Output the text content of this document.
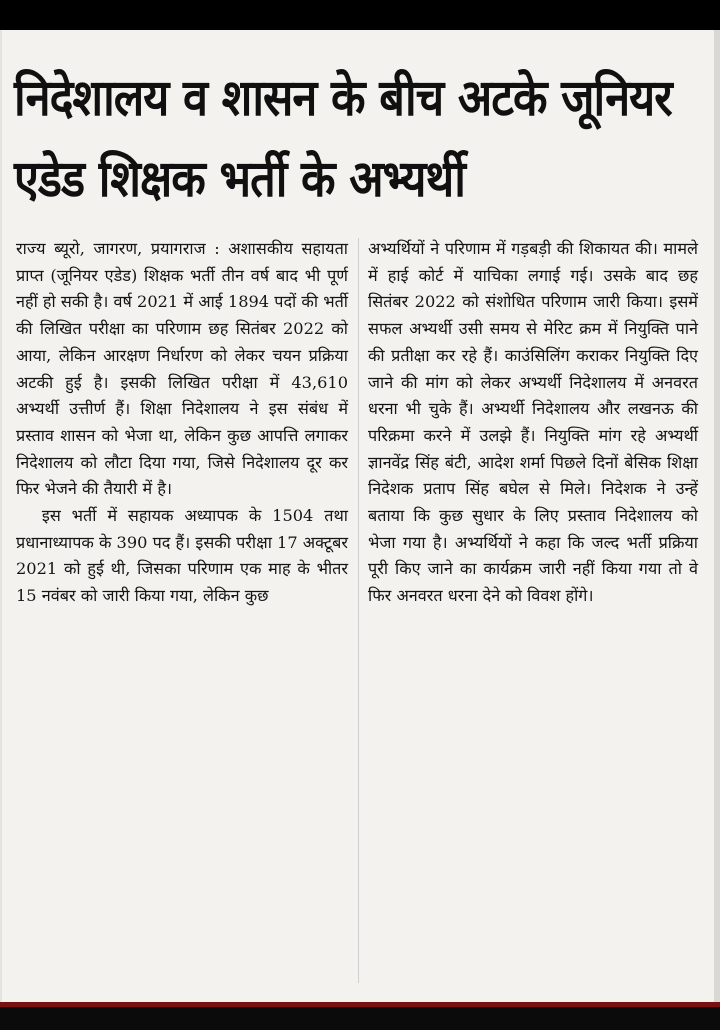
निदेशालय व शासन के बीच अटके जूनियर एडेड शिक्षक भर्ती के अभ्यर्थी

राज्य ब्यूरो, जागरण, प्रयागराज : अशासकीय सहायता प्राप्त (जूनियर एडेड) शिक्षक भर्ती तीन वर्ष बाद भी पूर्ण नहीं हो सकी है। वर्ष 2021 में आई 1894 पदों की भर्ती की लिखित परीक्षा का परिणाम छह सितंबर 2022 को आया, लेकिन आरक्षण निर्धारण को लेकर चयन प्रक्रिया अटकी हुई है। इसकी लिखित परीक्षा में 43,610 अभ्यर्थी उत्तीर्ण हैं। शिक्षा निदेशालय ने इस संबंध में प्रस्ताव शासन को भेजा था, लेकिन कुछ आपत्ति लगाकर निदेशालय को लौटा दिया गया, जिसे निदेशालय दूर कर फिर भेजने की तैयारी में है।

इस भर्ती में सहायक अध्यापक के 1504 तथा प्रधानाध्यापक के 390 पद हैं। इसकी परीक्षा 17 अक्टूबर 2021 को हुई थी, जिसका परिणाम एक माह के भीतर 15 नवंबर को जारी किया गया, लेकिन कुछ

अभ्यर्थियों ने परिणाम में गड़बड़ी की शिकायत की। मामले में हाई कोर्ट में याचिका लगाई गई। उसके बाद छह सितंबर 2022 को संशोधित परिणाम जारी किया। इसमें सफल अभ्यर्थी उसी समय से मेरिट क्रम में नियुक्ति पाने की प्रतीक्षा कर रहे हैं। काउंसिलिंग कराकर नियुक्ति दिए जाने की मांग को लेकर अभ्यर्थी निदेशालय में अनवरत धरना भी चुके हैं। अभ्यर्थी निदेशालय और लखनऊ की परिक्रमा करने में उलझे हैं। नियुक्ति मांग रहे अभ्यर्थी ज्ञानवेंद्र सिंह बंटी, आदेश शर्मा पिछले दिनों बेसिक शिक्षा निदेशक प्रताप सिंह बघेल से मिले। निदेशक ने उन्हें बताया कि कुछ सुधार के लिए प्रस्ताव निदेशालय को भेजा गया है। अभ्यर्थियों ने कहा कि जल्द भर्ती प्रक्रिया पूरी किए जाने का कार्यक्रम जारी नहीं किया गया तो वे फिर अनवरत धरना देने को विवश होंगे।
